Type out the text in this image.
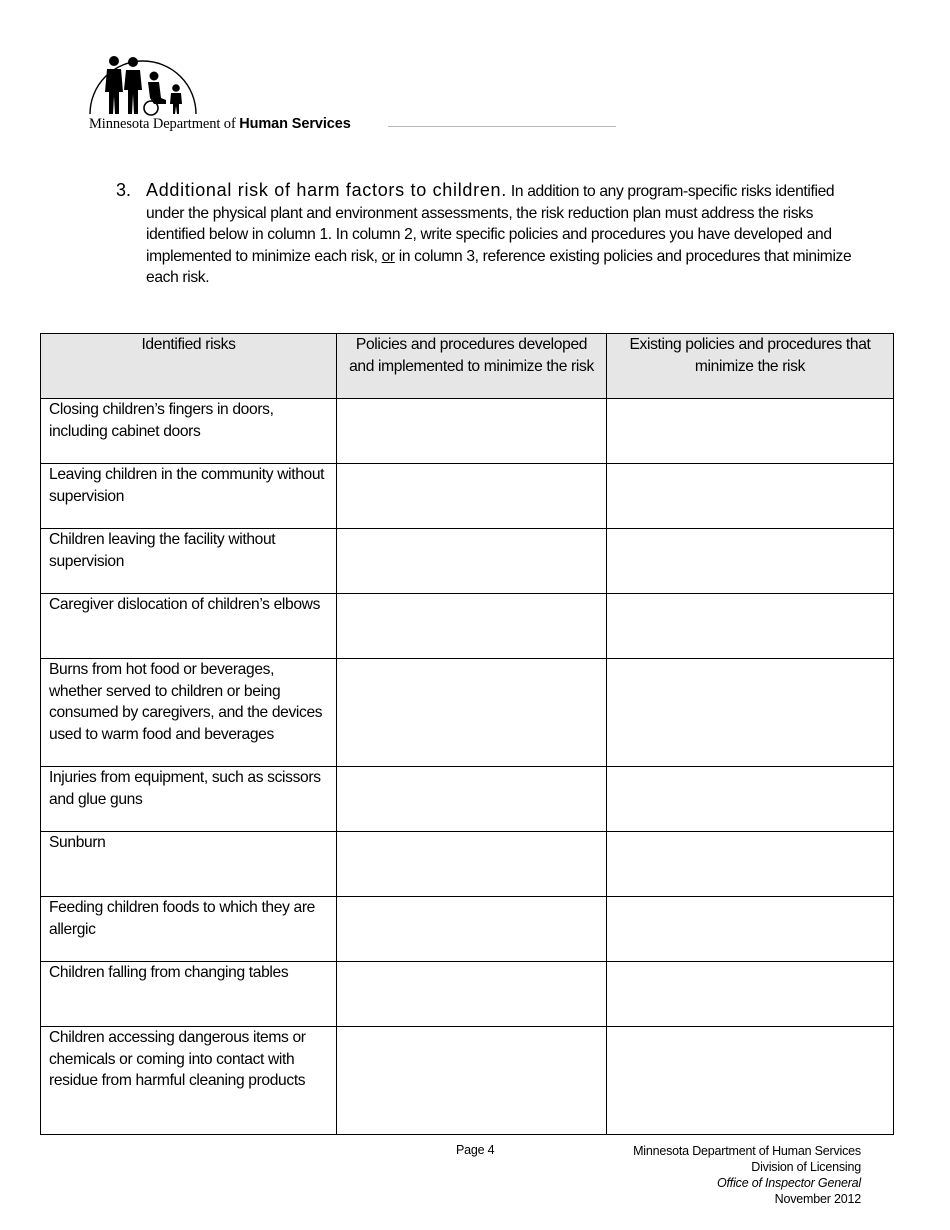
Minnesota Department of Human Services
3. Additional risk of harm factors to children. In addition to any program-specific risks identified under the physical plant and environment assessments, the risk reduction plan must address the risks identified below in column 1. In column 2, write specific policies and procedures you have developed and implemented to minimize each risk, or in column 3, reference existing policies and procedures that minimize each risk.
Identified risks	Policies and procedures developed and implemented to minimize the risk	Existing policies and procedures that minimize the risk
Closing children’s fingers in doors, including cabinet doors		
Leaving children in the community without supervision		
Children leaving the facility without supervision		
Caregiver dislocation of children’s elbows		
Burns from hot food or beverages, whether served to children or being consumed by caregivers, and the devices used to warm food and beverages		
Injuries from equipment, such as scissors and glue guns		
Sunburn		
Feeding children foods to which they are allergic		
Children falling from changing tables		
Children accessing dangerous items or chemicals or coming into contact with residue from harmful cleaning products		
Page 4	Minnesota Department of Human Services
Division of Licensing
Office of Inspector General
November 2012
